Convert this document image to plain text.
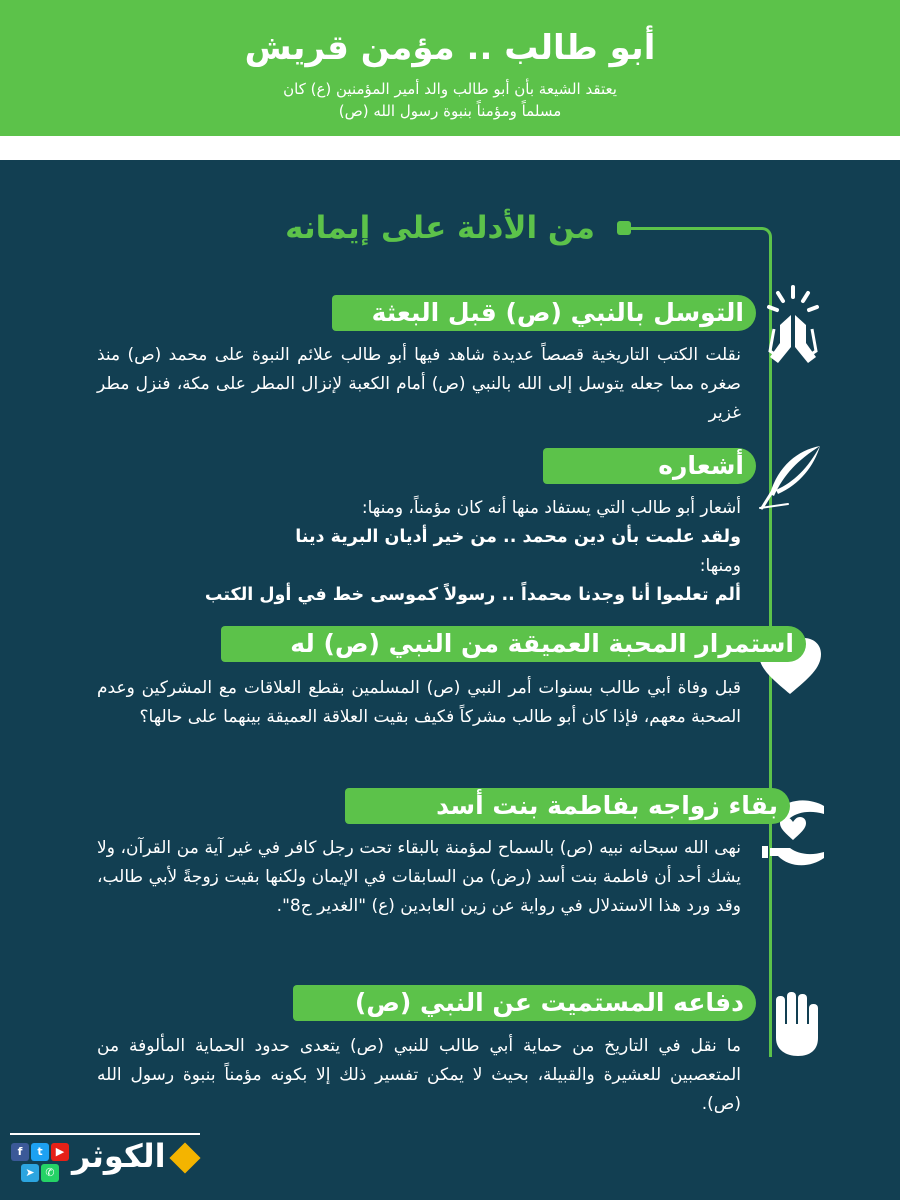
أبو طالب .. مؤمن قريش
يعتقد الشيعة بأن أبو طالب والد أمير المؤمنين (ع) كان
مسلماً ومؤمناً بنبوة رسول الله (ص)
من الأدلة على إيمانه
التوسل بالنبي (ص) قبل البعثة
نقلت الكتب التاريخية قصصاً عديدة شاهد فيها أبو طالب علائم النبوة على محمد (ص) منذ صغره مما جعله يتوسل إلى الله بالنبي (ص) أمام الكعبة لإنزال المطر على مكة، فنزل مطر غزير
أشعاره
أشعار أبو طالب التي يستفاد منها أنه كان مؤمناً، ومنها:
ولقد علمت بأن دين محمد .. من خير أديان البرية دينا
ومنها:
ألم تعلموا أنا وجدنا محمداً .. رسولاً كموسى خط في أول الكتب
استمرار المحبة العميقة من النبي (ص) له
قبل وفاة أبي طالب بسنوات أمر النبي (ص) المسلمين بقطع العلاقات مع المشركين وعدم الصحبة معهم، فإذا كان أبو طالب مشركاً فكيف بقيت العلاقة العميقة بينهما على حالها؟
بقاء زواجه بفاطمة بنت أسد
نهى الله سبحانه نبيه (ص) بالسماح لمؤمنة بالبقاء تحت رجل كافر في غير آية من القرآن، ولا يشك أحد أن فاطمة بنت أسد (رض) من السابقات في الإيمان ولكنها بقيت زوجةً لأبي طالب، وقد ورد هذا الاستدلال في رواية عن زين العابدين (ع) "الغدير ج8".
دفاعه المستميت عن النبي (ص)
ما نقل في التاريخ من حماية أبي طالب للنبي (ص) يتعدى حدود الحماية المألوفة من المتعصبين للعشيرة والقبيلة، بحيث لا يمكن تفسير ذلك إلا بكونه مؤمناً بنبوة رسول الله (ص).
f	t	▶
➤ ✆ الكوثر
